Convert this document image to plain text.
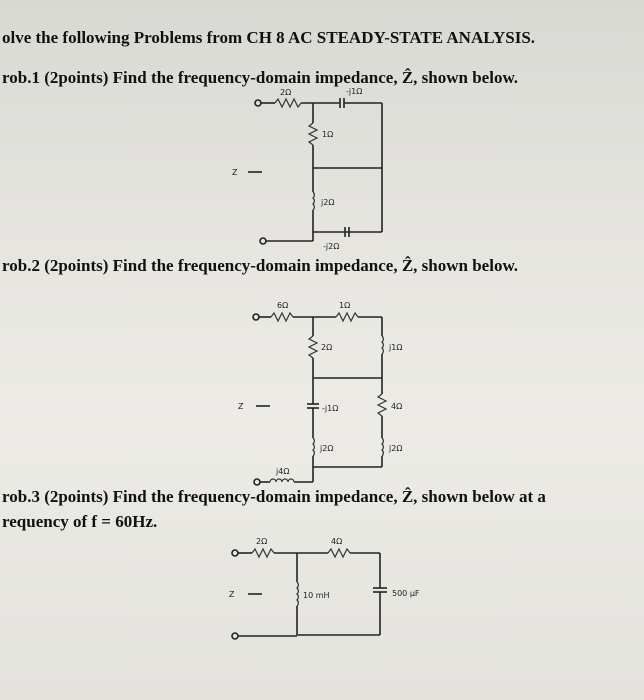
olve the following Problems from CH 8 AC STEADY-STATE ANALYSIS.
rob.1 (2points) Find the frequency-domain impedance, Ẑ, shown below.
2Ω	-j1Ω
1Ω
j2Ω
-j2Ω
Z
6Ω	1Ω
2Ω	j1Ω
-j1Ω	4Ω
j2Ω	j2Ω
j4Ω
Z
2Ω	4Ω
10 mH	500 μF
Z
rob.2 (2points) Find the frequency-domain impedance, Ẑ, shown below.
rob.3 (2points) Find the frequency-domain impedance, Ẑ, shown below at a
requency of f = 60Hz.
